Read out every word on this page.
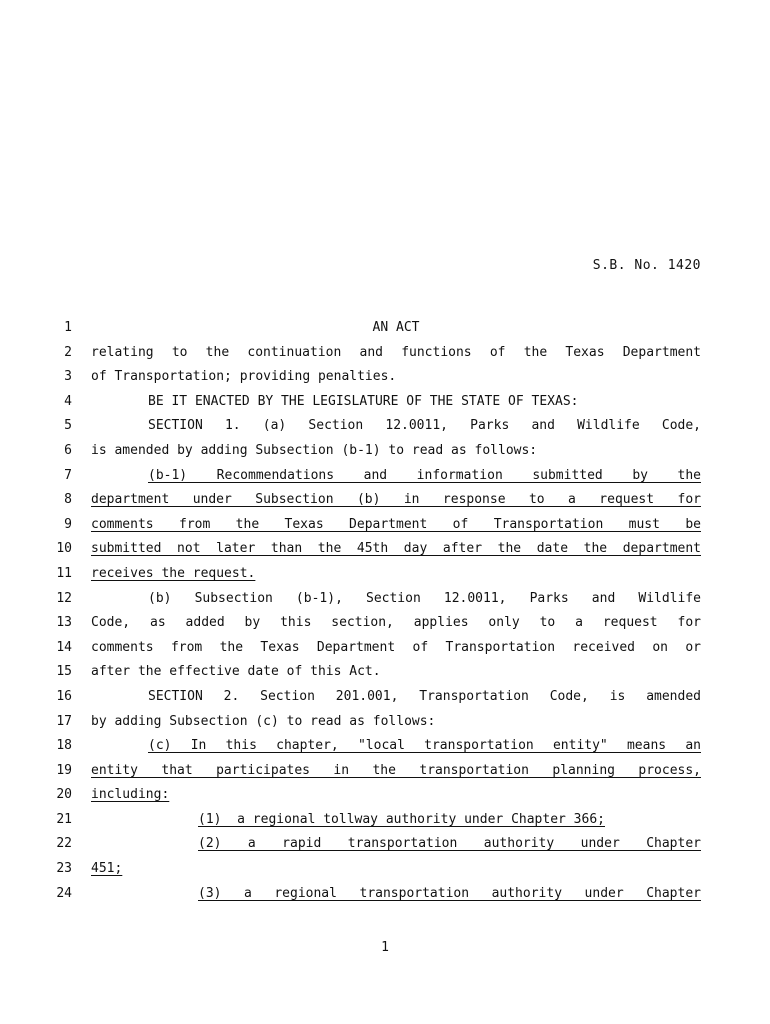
S.B. No. 1420
1	AN ACT
2 relating to the continuation and functions of the Texas Department
3 of Transportation; providing penalties.
4	BE IT ENACTED BY THE LEGISLATURE OF THE STATE OF TEXAS:
5	SECTION 1. (a) Section 12.0011, Parks and Wildlife Code,
6 is amended by adding Subsection (b-1) to read as follows:
7	(b-1) Recommendations and information submitted by the
8 department under Subsection (b) in response to a request for
9 comments from the Texas Department of Transportation must be
10 submitted not later than the 45th day after the date the department
11 receives the request.
12	(b) Subsection (b-1), Section 12.0011, Parks and Wildlife
13 Code, as added by this section, applies only to a request for
14 comments from the Texas Department of Transportation received on or
15 after the effective date of this Act.
16	SECTION 2. Section 201.001, Transportation Code, is amended
17 by adding Subsection (c) to read as follows:
18	(c) In this chapter, "local transportation entity" means an
19 entity that participates in the transportation planning process,
20 including:
21	(1)  a regional tollway authority under Chapter 366;
22	(2) a rapid transportation authority under Chapter
23 451;
24	(3) a regional transportation authority under Chapter
1
